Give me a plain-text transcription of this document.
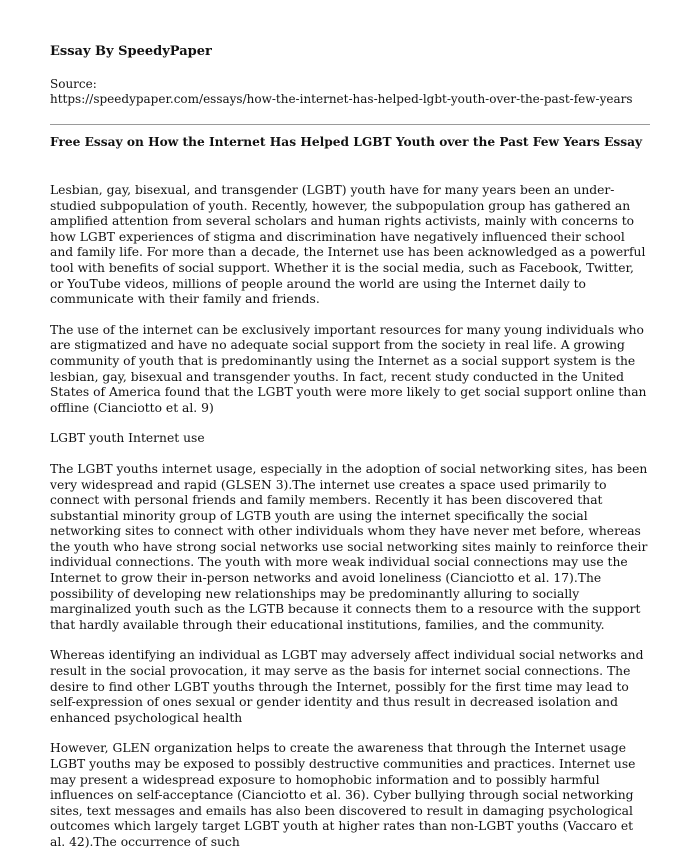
Essay By SpeedyPaper
Source:
https://speedypaper.com/essays/how-the-internet-has-helped-lgbt-youth-over-the-past-few-years
Free Essay on How the Internet Has Helped LGBT Youth over the Past Few Years Essay

Lesbian, gay, bisexual, and transgender (LGBT) youth have for many years been an under-studied subpopulation of youth. Recently, however, the subpopulation group has gathered an amplified attention from several scholars and human rights activists, mainly with concerns to how LGBT experiences of stigma and discrimination have negatively influenced their school and family life. For more than a decade, the Internet use has been acknowledged as a powerful tool with benefits of social support. Whether it is the social media, such as Facebook, Twitter, or YouTube videos, millions of people around the world are using the Internet daily to communicate with their family and friends.

The use of the internet can be exclusively important resources for many young individuals who are stigmatized and have no adequate social support from the society in real life. A growing community of youth that is predominantly using the Internet as a social support system is the lesbian, gay, bisexual and transgender youths. In fact, recent study conducted in the United States of America found that the LGBT youth were more likely to get social support online than offline (Cianciotto et al. 9)

LGBT youth Internet use

The LGBT youths internet usage, especially in the adoption of social networking sites, has been very widespread and rapid (GLSEN 3).The internet use creates a space used primarily to connect with personal friends and family members. Recently it has been discovered that substantial minority group of LGTB youth are using the internet specifically the social networking sites to connect with other individuals whom they have never met before, whereas the youth who have strong social networks use social networking sites mainly to reinforce their individual connections. The youth with more weak individual social connections may use the Internet to grow their in-person networks and avoid loneliness (Cianciotto et al. 17).The possibility of developing new relationships may be predominantly alluring to socially marginalized youth such as the LGTB because it connects them to a resource with the support that hardly available through their educational institutions, families, and the community.

Whereas identifying an individual as LGBT may adversely affect individual social networks and result in the social provocation, it may serve as the basis for internet social connections. The desire to find other LGBT youths through the Internet, possibly for the first time may lead to self-expression of ones sexual or gender identity and thus result in decreased isolation and enhanced psychological health

However, GLEN organization helps to create the awareness that through the Internet usage LGBT youths may be exposed to possibly destructive communities and practices. Internet use may present a widespread exposure to homophobic information and to possibly harmful influences on self-acceptance (Cianciotto et al. 36). Cyber bullying through social networking sites, text messages and emails has also been discovered to result in damaging psychological outcomes which largely target LGBT youth at higher rates than non-LGBT youths (Vaccaro et al. 42).The occurrence of such
